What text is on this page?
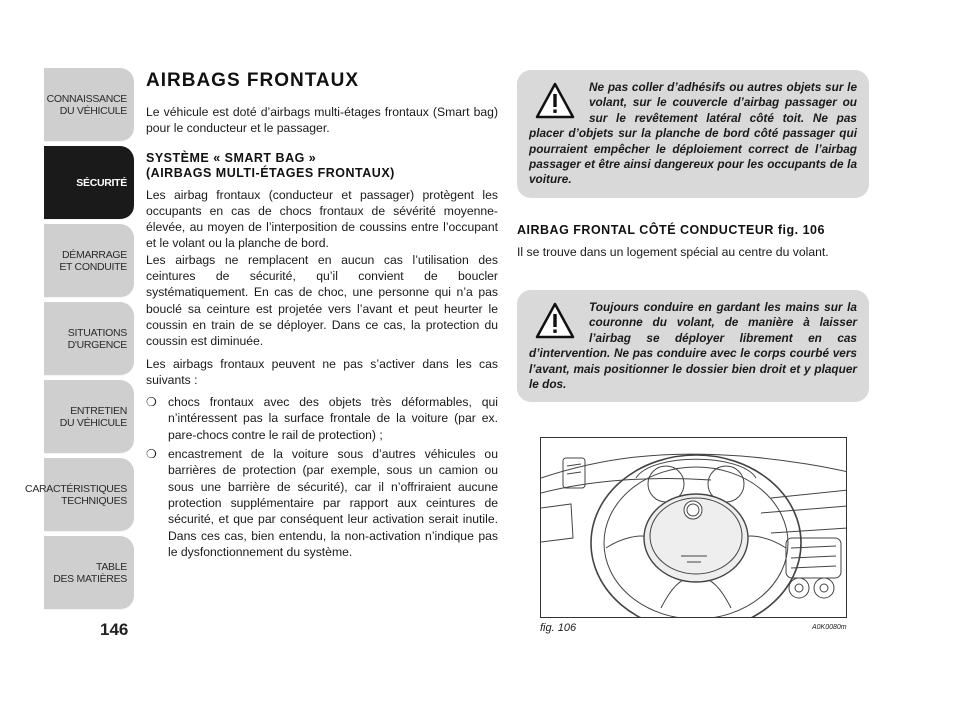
CONNAISSANCE
DU VÉHICULE
SÉCURITÉ
DÉMARRAGE
ET CONDUITE
SITUATIONS
D'URGENCE
ENTRETIEN
DU VÉHICULE
CARACTÉRISTIQUES
TECHNIQUES
TABLE
DES MATIÈRES
146
AIRBAGS FRONTAUX

Le véhicule est doté d’airbags multi-étages frontaux (Smart bag) pour le conducteur et le passager.

SYSTÈME « SMART BAG »
(AIRBAGS MULTI-ÉTAGES FRONTAUX)

Les airbag frontaux (conducteur et passager) protègent les occupants en cas de chocs frontaux de sévérité moyenne-élevée, au moyen de l’interposition de coussins entre l’occupant et le volant ou la planche de bord.

Les airbags ne remplacent en aucun cas l’utilisation des ceintures de sécurité, qu’il convient de boucler systématiquement. En cas de choc, une personne qui n’a pas bouclé sa ceinture est projetée vers l’avant et peut heurter le coussin en train de se déployer. Dans ce cas, la protection du coussin est diminuée.

Les airbags frontaux peuvent ne pas s’activer dans les cas suivants :

❍ chocs frontaux avec des objets très déformables, qui n’intéressent pas la surface frontale de la voiture (par ex. pare-chocs contre le rail de protection) ;
❍ encastrement de la voiture sous d’autres véhicules ou barrières de protection (par exemple, sous un camion ou sous une barrière de sécurité), car il n’offriraient aucune protection supplémentaire par rapport aux ceintures de sécurité, et que par conséquent leur activation serait inutile. Dans ces cas, bien entendu, la non-activation n’indique pas le dysfonctionnement du système.
Ne pas coller d’adhésifs ou autres objets sur le volant, sur le couvercle d’airbag passager ou sur le revêtement latéral côté toit. Ne pas placer d’objets sur la planche de bord côté passager qui pourraient empêcher le déploiement correct de l’airbag passager et être ainsi dangereux pour les occupants de la voiture.
AIRBAG FRONTAL CÔTÉ CONDUCTEUR fig. 106

Il se trouve dans un logement spécial au centre du volant.

Toujours conduire en gardant les mains sur la couronne du volant, de manière à laisser l’airbag se déployer librement en cas d’intervention. Ne pas conduire avec le corps courbé vers l’avant, mais positionner le dossier bien droit et y plaquer le dos.
fig. 106	A0K0080m
